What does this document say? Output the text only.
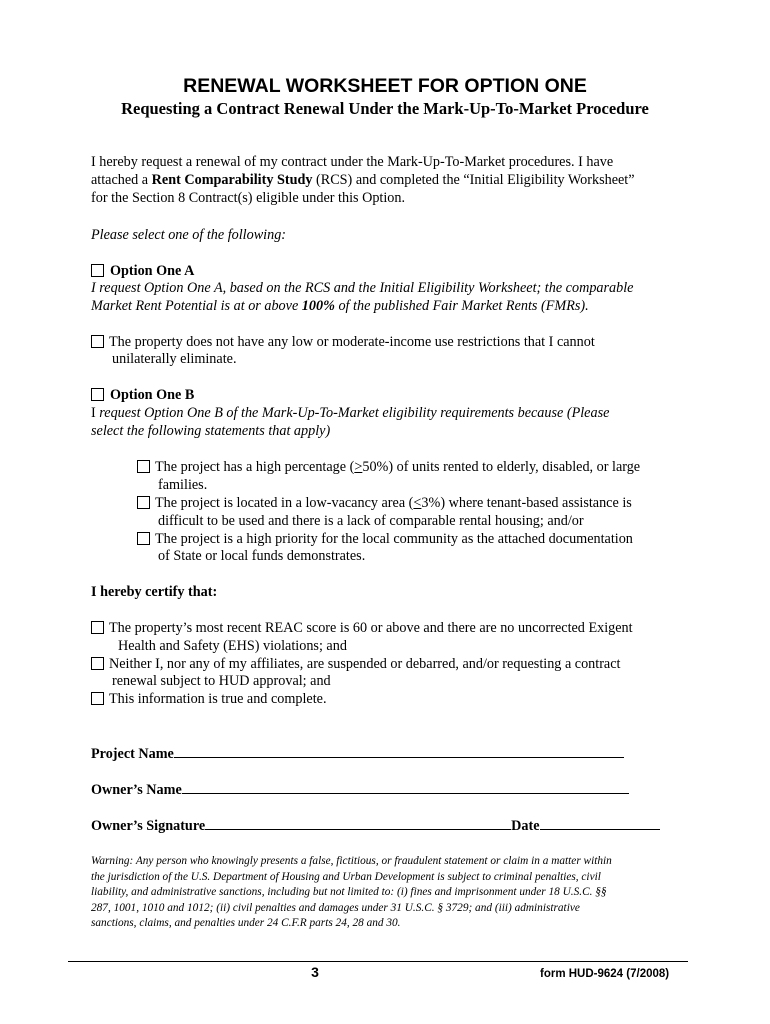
RENEWAL WORKSHEET FOR OPTION ONE
Requesting a Contract Renewal Under the Mark-Up-To-Market Procedure
I hereby request a renewal of my contract under the Mark-Up-To-Market procedures. I have
attached a Rent Comparability Study (RCS) and completed the “Initial Eligibility Worksheet”
for the Section 8 Contract(s) eligible under this Option.
Please select one of the following:
Option One A
I request Option One A, based on the RCS and the Initial Eligibility Worksheet; the comparable
Market Rent Potential is at or above 100% of the published Fair Market Rents (FMRs).
The property does not have any low or moderate-income use restrictions that I cannot
unilaterally eliminate.
Option One B
I request Option One B of the Mark-Up-To-Market eligibility requirements because (Please
select the following statements that apply)
The project has a high percentage (>50%) of units rented to elderly, disabled, or large
families.
The project is located in a low-vacancy area (<3%) where tenant-based assistance is
difficult to be used and there is a lack of comparable rental housing; and/or
The project is a high priority for the local community as the attached documentation
of State or local funds demonstrates.
I hereby certify that:
The property’s most recent REAC score is 60 or above and there are no uncorrected Exigent
Health and Safety (EHS) violations; and
Neither I, nor any of my affiliates, are suspended or debarred, and/or requesting a contract
renewal subject to HUD approval; and
This information is true and complete.
Project Name
Owner’s Name
Owner’s Signature	Date
Warning: Any person who knowingly presents a false, fictitious, or fraudulent statement or claim in a matter within
the jurisdiction of the U.S. Department of Housing and Urban Development is subject to criminal penalties, civil
liability, and administrative sanctions, including but not limited to: (i) fines and imprisonment under 18 U.S.C. §§
287, 1001, 1010 and 1012; (ii) civil penalties and damages under 31 U.S.C. § 3729; and (iii) administrative
sanctions, claims, and penalties under 24 C.F.R parts 24, 28 and 30.
3	form HUD-9624 (7/2008)
